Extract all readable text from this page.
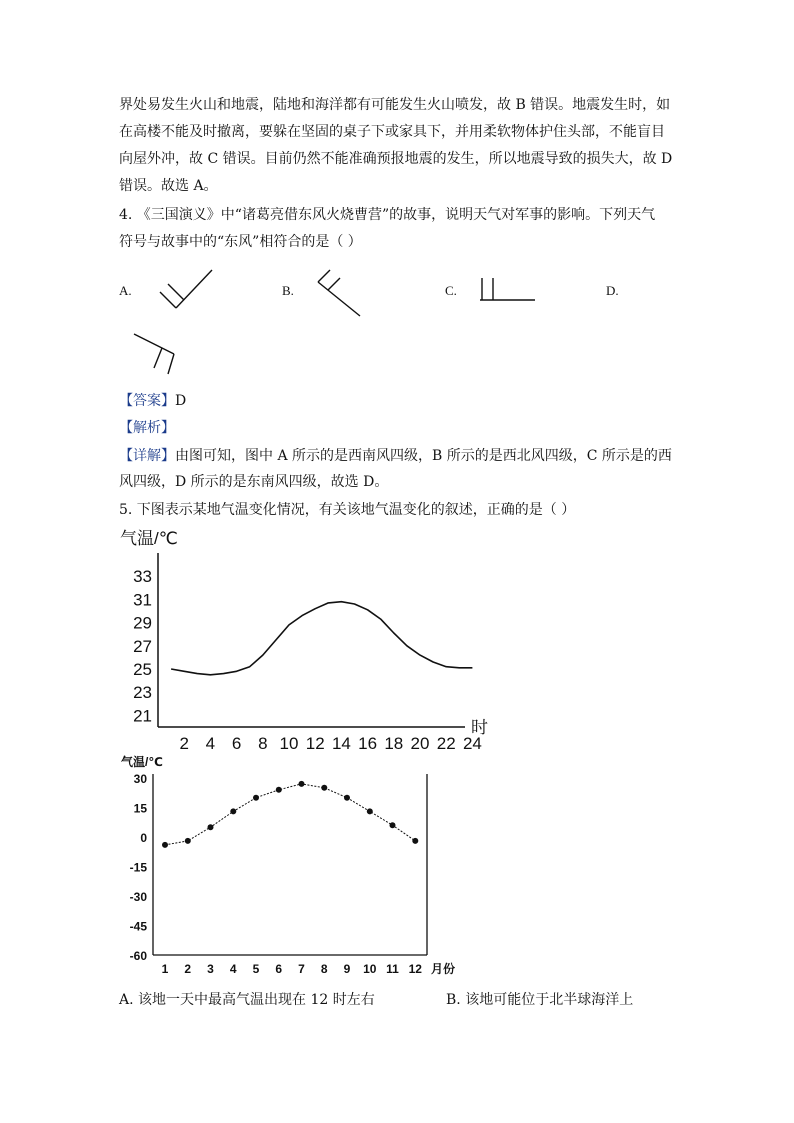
界处易发生火山和地震，陆地和海洋都有可能发生火山喷发，故 B 错误。地震发生时，如
在高楼不能及时撤离，要躲在坚固的桌子下或家具下，并用柔软物体护住头部，不能盲目
向屋外冲，故 C 错误。目前仍然不能准确预报地震的发生，所以地震导致的损失大，故 D
错误。故选 A。
4. 《三国演义》中“诸葛亮借东风火烧曹营”的故事，说明天气对军事的影响。下列天气
符号与故事中的“东风”相符合的是（ ）
A.	B.	C.	D.
【答案】D
【解析】
【详解】由图可知，图中 A 所示的是西南风四级，B 所示的是西北风四级，C 所示是的西
风四级，D 所示的是东南风四级，故选 D。
5. 下图表示某地气温变化情况，有关该地气温变化的叙述，正确的是（ ）
气温/℃
时
21
23
25
27
29
31
33
2 4 6 8 10 12 14 16 18 20 22 24
气温/℃
30
15
0
-15
-30
-45
-60
1 2 3 4 5 6 7 8 9 10 11 12 月份
A. 该地一天中最高气温出现在 12 时左右	B. 该地可能位于北半球海洋上
